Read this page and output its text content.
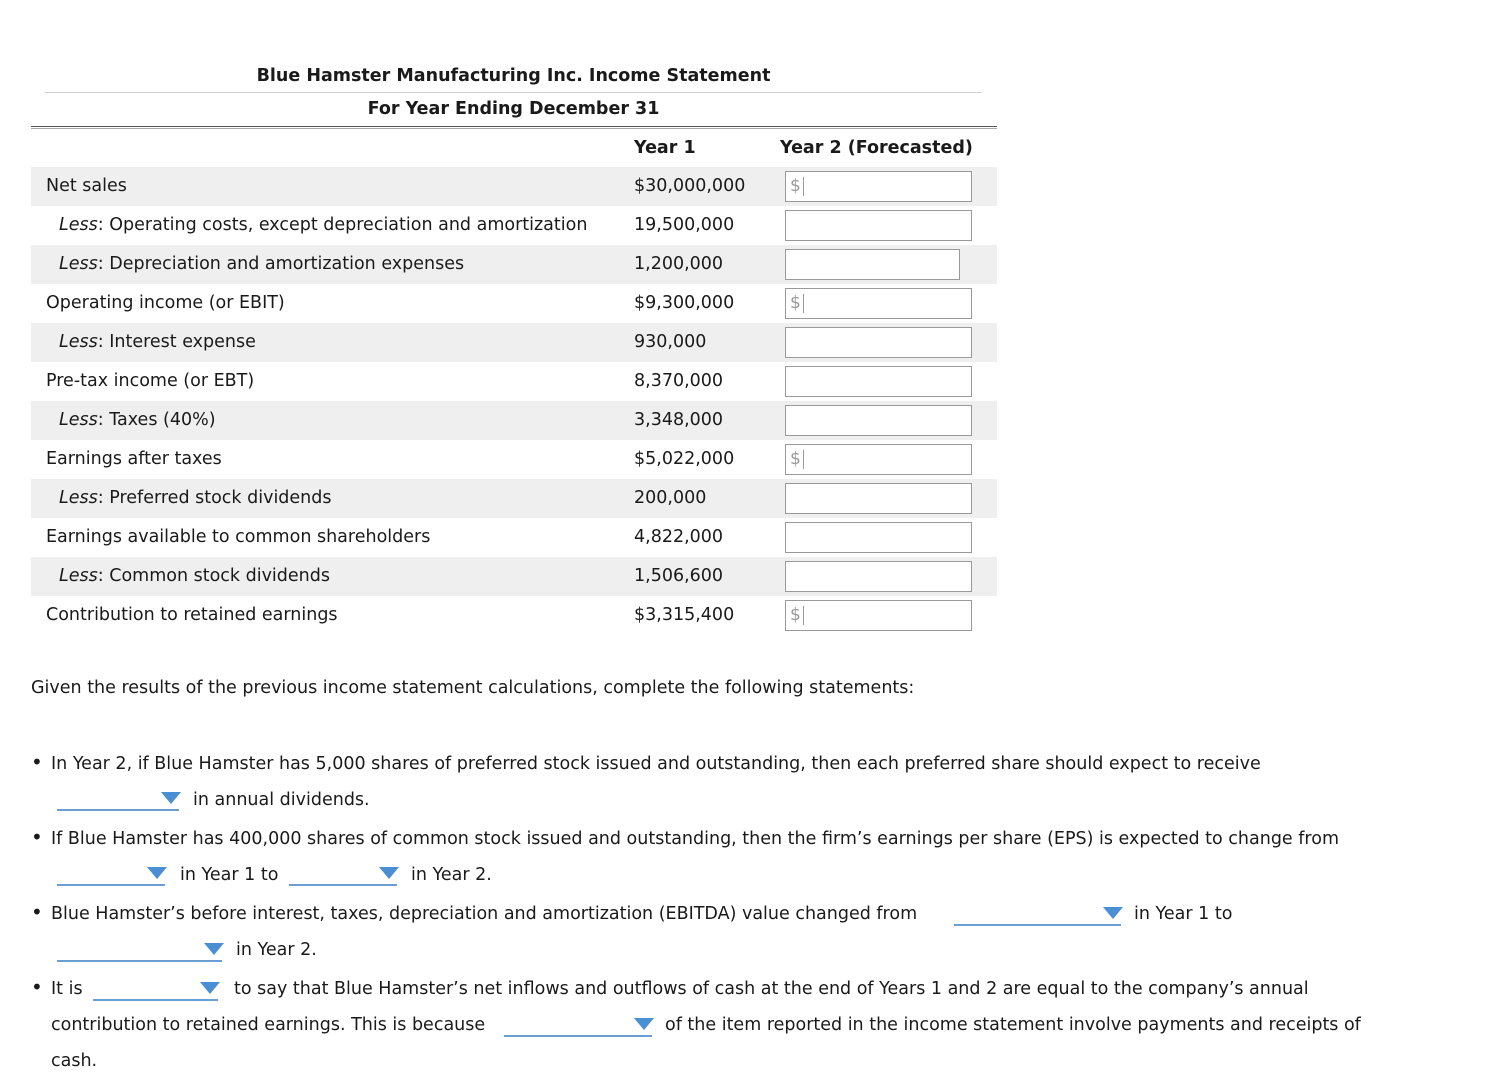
Blue Hamster Manufacturing Inc. Income Statement
For Year Ending December 31
Year 1	Year 2 (Forecasted)
Net sales	$30,000,000	$
Less: Operating costs, except depreciation and amortization	19,500,000
Less: Depreciation and amortization expenses	1,200,000
Operating income (or EBIT)	$9,300,000	$
Less: Interest expense	930,000
Pre-tax income (or EBT)	8,370,000
Less: Taxes (40%)	3,348,000
Earnings after taxes	$5,022,000	$
Less: Preferred stock dividends	200,000
Earnings available to common shareholders	4,822,000
Less: Common stock dividends	1,506,600
Contribution to retained earnings	$3,315,400	$
Given the results of the previous income statement calculations, complete the following statements:
• In Year 2, if Blue Hamster has 5,000 shares of preferred stock issued and outstanding, then each preferred share should expect to receive
in annual dividends.
• If Blue Hamster has 400,000 shares of common stock issued and outstanding, then the firm’s earnings per share (EPS) is expected to change from
in Year 1 to	in Year 2.
• Blue Hamster’s before interest, taxes, depreciation and amortization (EBITDA) value changed from	in Year 1 to
in Year 2.
• It is	to say that Blue Hamster’s net inflows and outflows of cash at the end of Years 1 and 2 are equal to the company’s annual
contribution to retained earnings. This is because	of the item reported in the income statement involve payments and receipts of
cash.
